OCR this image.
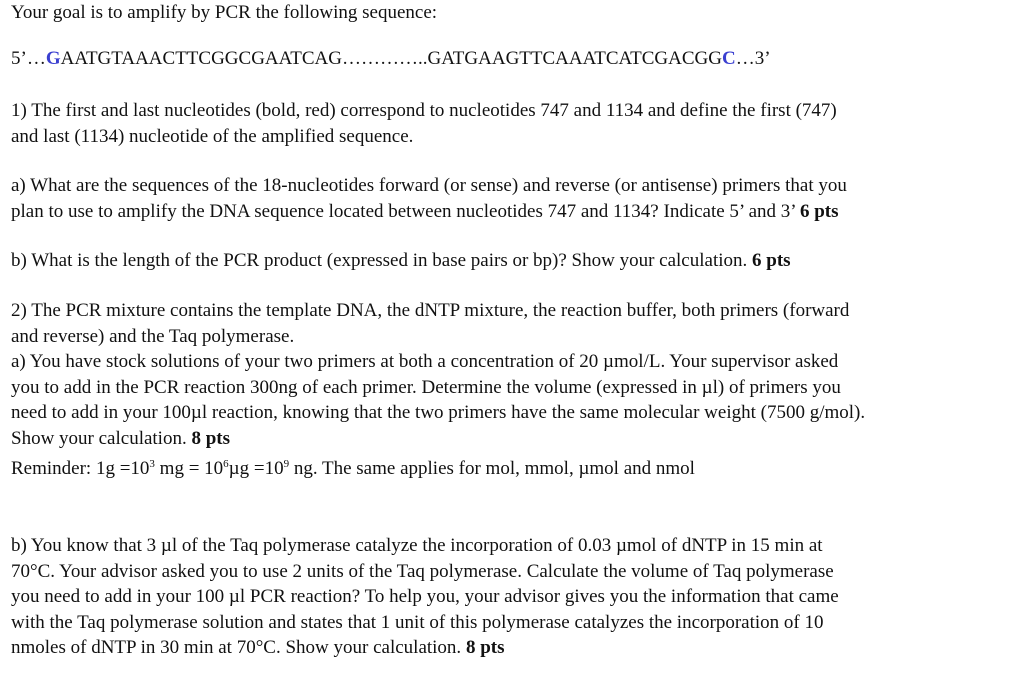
Your goal is to amplify by PCR the following sequence:

5’…GAATGTAAACTTCGGCGAATCAG…………..GATGAAGTTCAAATCATCGACGGC…3’

1) The first and last nucleotides (bold, red) correspond to nucleotides 747 and 1134 and define the first (747)
and last (1134) nucleotide of the amplified sequence.

a) What are the sequences of the 18-nucleotides forward (or sense) and reverse (or antisense) primers that you
plan to use to amplify the DNA sequence located between nucleotides 747 and 1134? Indicate 5’ and 3’ 6 pts

b) What is the length of the PCR product (expressed in base pairs or bp)? Show your calculation. 6 pts

2) The PCR mixture contains the template DNA, the dNTP mixture, the reaction buffer, both primers (forward
and reverse) and the Taq polymerase.

a) You have stock solutions of your two primers at both a concentration of 20 µmol/L. Your supervisor asked
you to add in the PCR reaction 300ng of each primer. Determine the volume (expressed in µl) of primers you
need to add in your 100µl reaction, knowing that the two primers have the same molecular weight (7500 g/mol).
Show your calculation. 8 pts

Reminder: $1g =10^3$ mg = $10^6\mu g =10^9$ ng. The same applies for mol, mmol, µmol and nmol

b) You know that 3 µl of the Taq polymerase catalyze the incorporation of 0.03 µmol of dNTP in 15 min at
70°C. Your advisor asked you to use 2 units of the Taq polymerase. Calculate the volume of Taq polymerase
you need to add in your 100 µl PCR reaction? To help you, your advisor gives you the information that came
with the Taq polymerase solution and states that 1 unit of this polymerase catalyzes the incorporation of 10
nmoles of dNTP in 30 min at 70°C. Show your calculation. 8 pts
